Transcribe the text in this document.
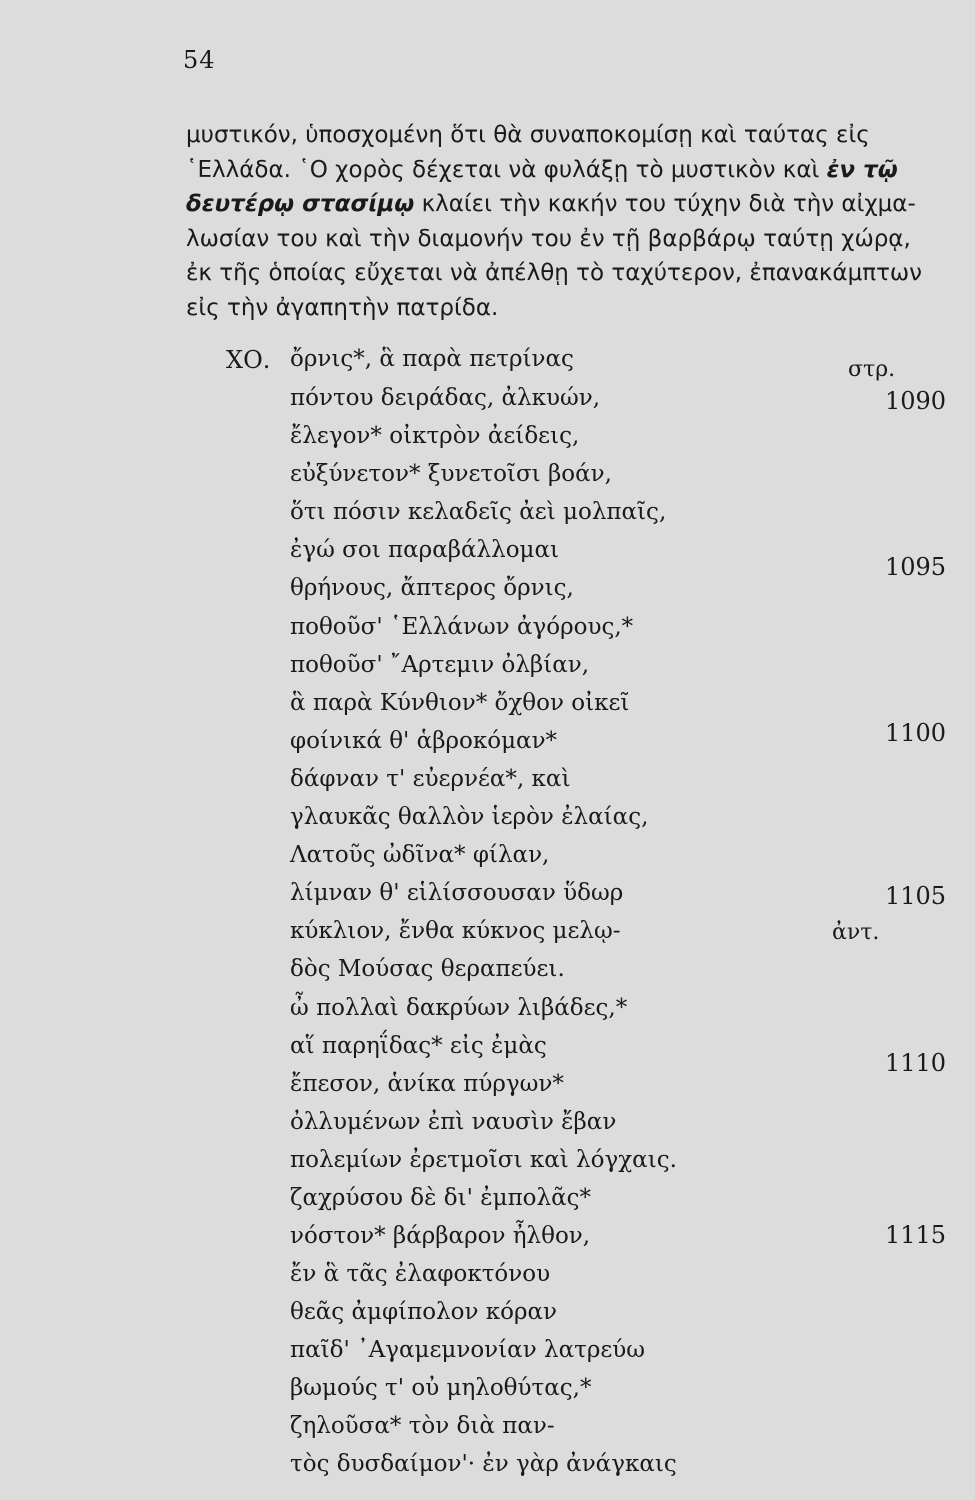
54
μυστικόν, ὑποσχομένη ὅτι θὰ συναποκομίσῃ καὶ ταύτας εἰς
῾Ελλάδα. ῾Ο χορὸς δέχεται νὰ φυλάξῃ τὸ μυστικὸν καὶ ἐν τῷ
δευτέρῳ στασίμῳ κλαίει τὴν κακήν του τύχην διὰ τὴν αἰχμα-
λωσίαν του καὶ τὴν διαμονήν του ἐν τῇ βαρβάρῳ ταύτῃ χώρᾳ,
ἐκ τῆς ὁποίας εὔχεται νὰ ἀπέλθῃ τὸ ταχύτερον, ἐπανακάμπτων
εἰς τὴν ἀγαπητὴν πατρίδα.
ΧΟ. ὄρνις*, ἃ παρὰ πετρίνας
πόντου δειράδας, ἀλκυών,
ἔλεγον* οἰκτρὸν ἀείδεις,
εὐξύνετον* ξυνετοῖσι βοάν,
ὅτι πόσιν κελαδεῖς ἀεὶ μολπαῖς,
ἐγώ σοι παραβάλλομαι
θρήνους, ἄπτερος ὄρνις,
ποθοῦσ' ῾Ελλάνων ἀγόρους,*
ποθοῦσ' ῎Αρτεμιν ὀλβίαν,
ἃ παρὰ Κύνθιον* ὄχθον οἰκεῖ
φοίνικά θ' ἁβροκόμαν*
δάφναν τ' εὐερνέα*, καὶ
γλαυκᾶς θαλλὸν ἱερὸν ἐλαίας,
Λατοῦς ὠδῖνα* φίλαν,
λίμναν θ' εἱλίσσουσαν ὕδωρ
κύκλιον, ἔνθα κύκνος μελῳ-
δὸς Μούσας θεραπεύει.
ὦ πολλαὶ δακρύων λιβάδες,*
αἵ παρηΐδας* εἰς ἐμὰς
ἔπεσον, ἁνίκα πύργων*
ὀλλυμένων ἐπὶ ναυσὶν ἔβαν
πολεμίων ἐρετμοῖσι καὶ λόγχαις.
ζαχρύσου δὲ δι' ἐμπολᾶς*
νόστον* βάρβαρον ἦλθον,
ἔν ἃ τᾶς ἐλαφοκτόνου
θεᾶς ἀμφίπολον κόραν
παῖδ' ᾿Αγαμεμνονίαν λατρεύω
βωμούς τ' οὐ μηλοθύτας,*
ζηλοῦσα* τὸν διὰ παν-
τὸς δυσδαίμον'· ἐν γὰρ ἀνάγκαις
στρ.
ἀντ.
1090
1095
1100
1105
1110
1115
